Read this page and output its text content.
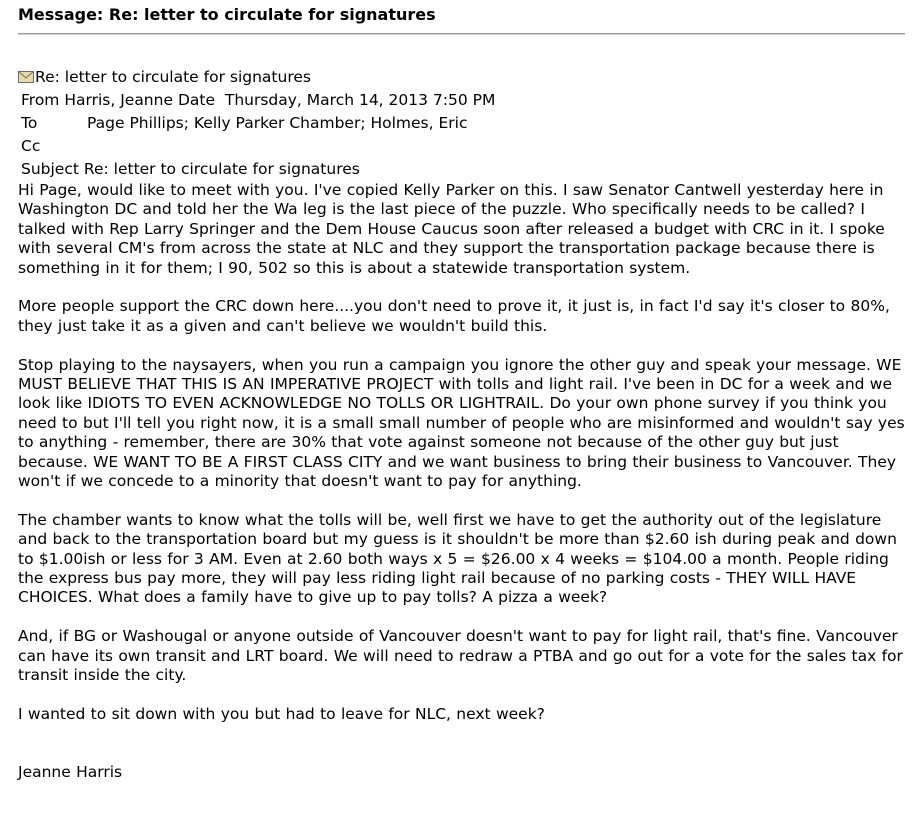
Message: Re: letter to circulate for signatures
Re: letter to circulate for signatures
From Harris, Jeanne Date Thursday, March 14, 2013 7:50 PM
To	Page Phillips; Kelly Parker Chamber; Holmes, Eric
Cc
Subject Re: letter to circulate for signatures

Hi Page, would like to meet with you. I've copied Kelly Parker on this. I saw Senator Cantwell yesterday here in Washington DC and told her the Wa leg is the last piece of the puzzle. Who specifically needs to be called? I talked with Rep Larry Springer and the Dem House Caucus soon after released a budget with CRC in it. I spoke with several CM's from across the state at NLC and they support the transportation package because there is something in it for them; I 90, 502 so this is about a statewide transportation system.

More people support the CRC down here....you don't need to prove it, it just is, in fact I'd say it's closer to 80%, they just take it as a given and can't believe we wouldn't build this.

Stop playing to the naysayers, when you run a campaign you ignore the other guy and speak your message. WE MUST BELIEVE THAT THIS IS AN IMPERATIVE PROJECT with tolls and light rail. I've been in DC for a week and we look like IDIOTS TO EVEN ACKNOWLEDGE NO TOLLS OR LIGHTRAIL. Do your own phone survey if you think you need to but I'll tell you right now, it is a small small number of people who are misinformed and wouldn't say yes to anything - remember, there are 30% that vote against someone not because of the other guy but just because. WE WANT TO BE A FIRST CLASS CITY and we want business to bring their business to Vancouver. They won't if we concede to a minority that doesn't want to pay for anything.

The chamber wants to know what the tolls will be, well first we have to get the authority out of the legislature and back to the transportation board but my guess is it shouldn't be more than $2.60 ish during peak and down to $1.00ish or less for 3 AM. Even at 2.60 both ways x 5 = $26.00 x 4 weeks = $104.00 a month. People riding the express bus pay more, they will pay less riding light rail because of no parking costs - THEY WILL HAVE CHOICES. What does a family have to give up to pay tolls? A pizza a week?

And, if BG or Washougal or anyone outside of Vancouver doesn't want to pay for light rail, that's fine. Vancouver can have its own transit and LRT board. We will need to redraw a PTBA and go out for a vote for the sales tax for transit inside the city.

I wanted to sit down with you but had to leave for NLC, next week?

Jeanne Harris
